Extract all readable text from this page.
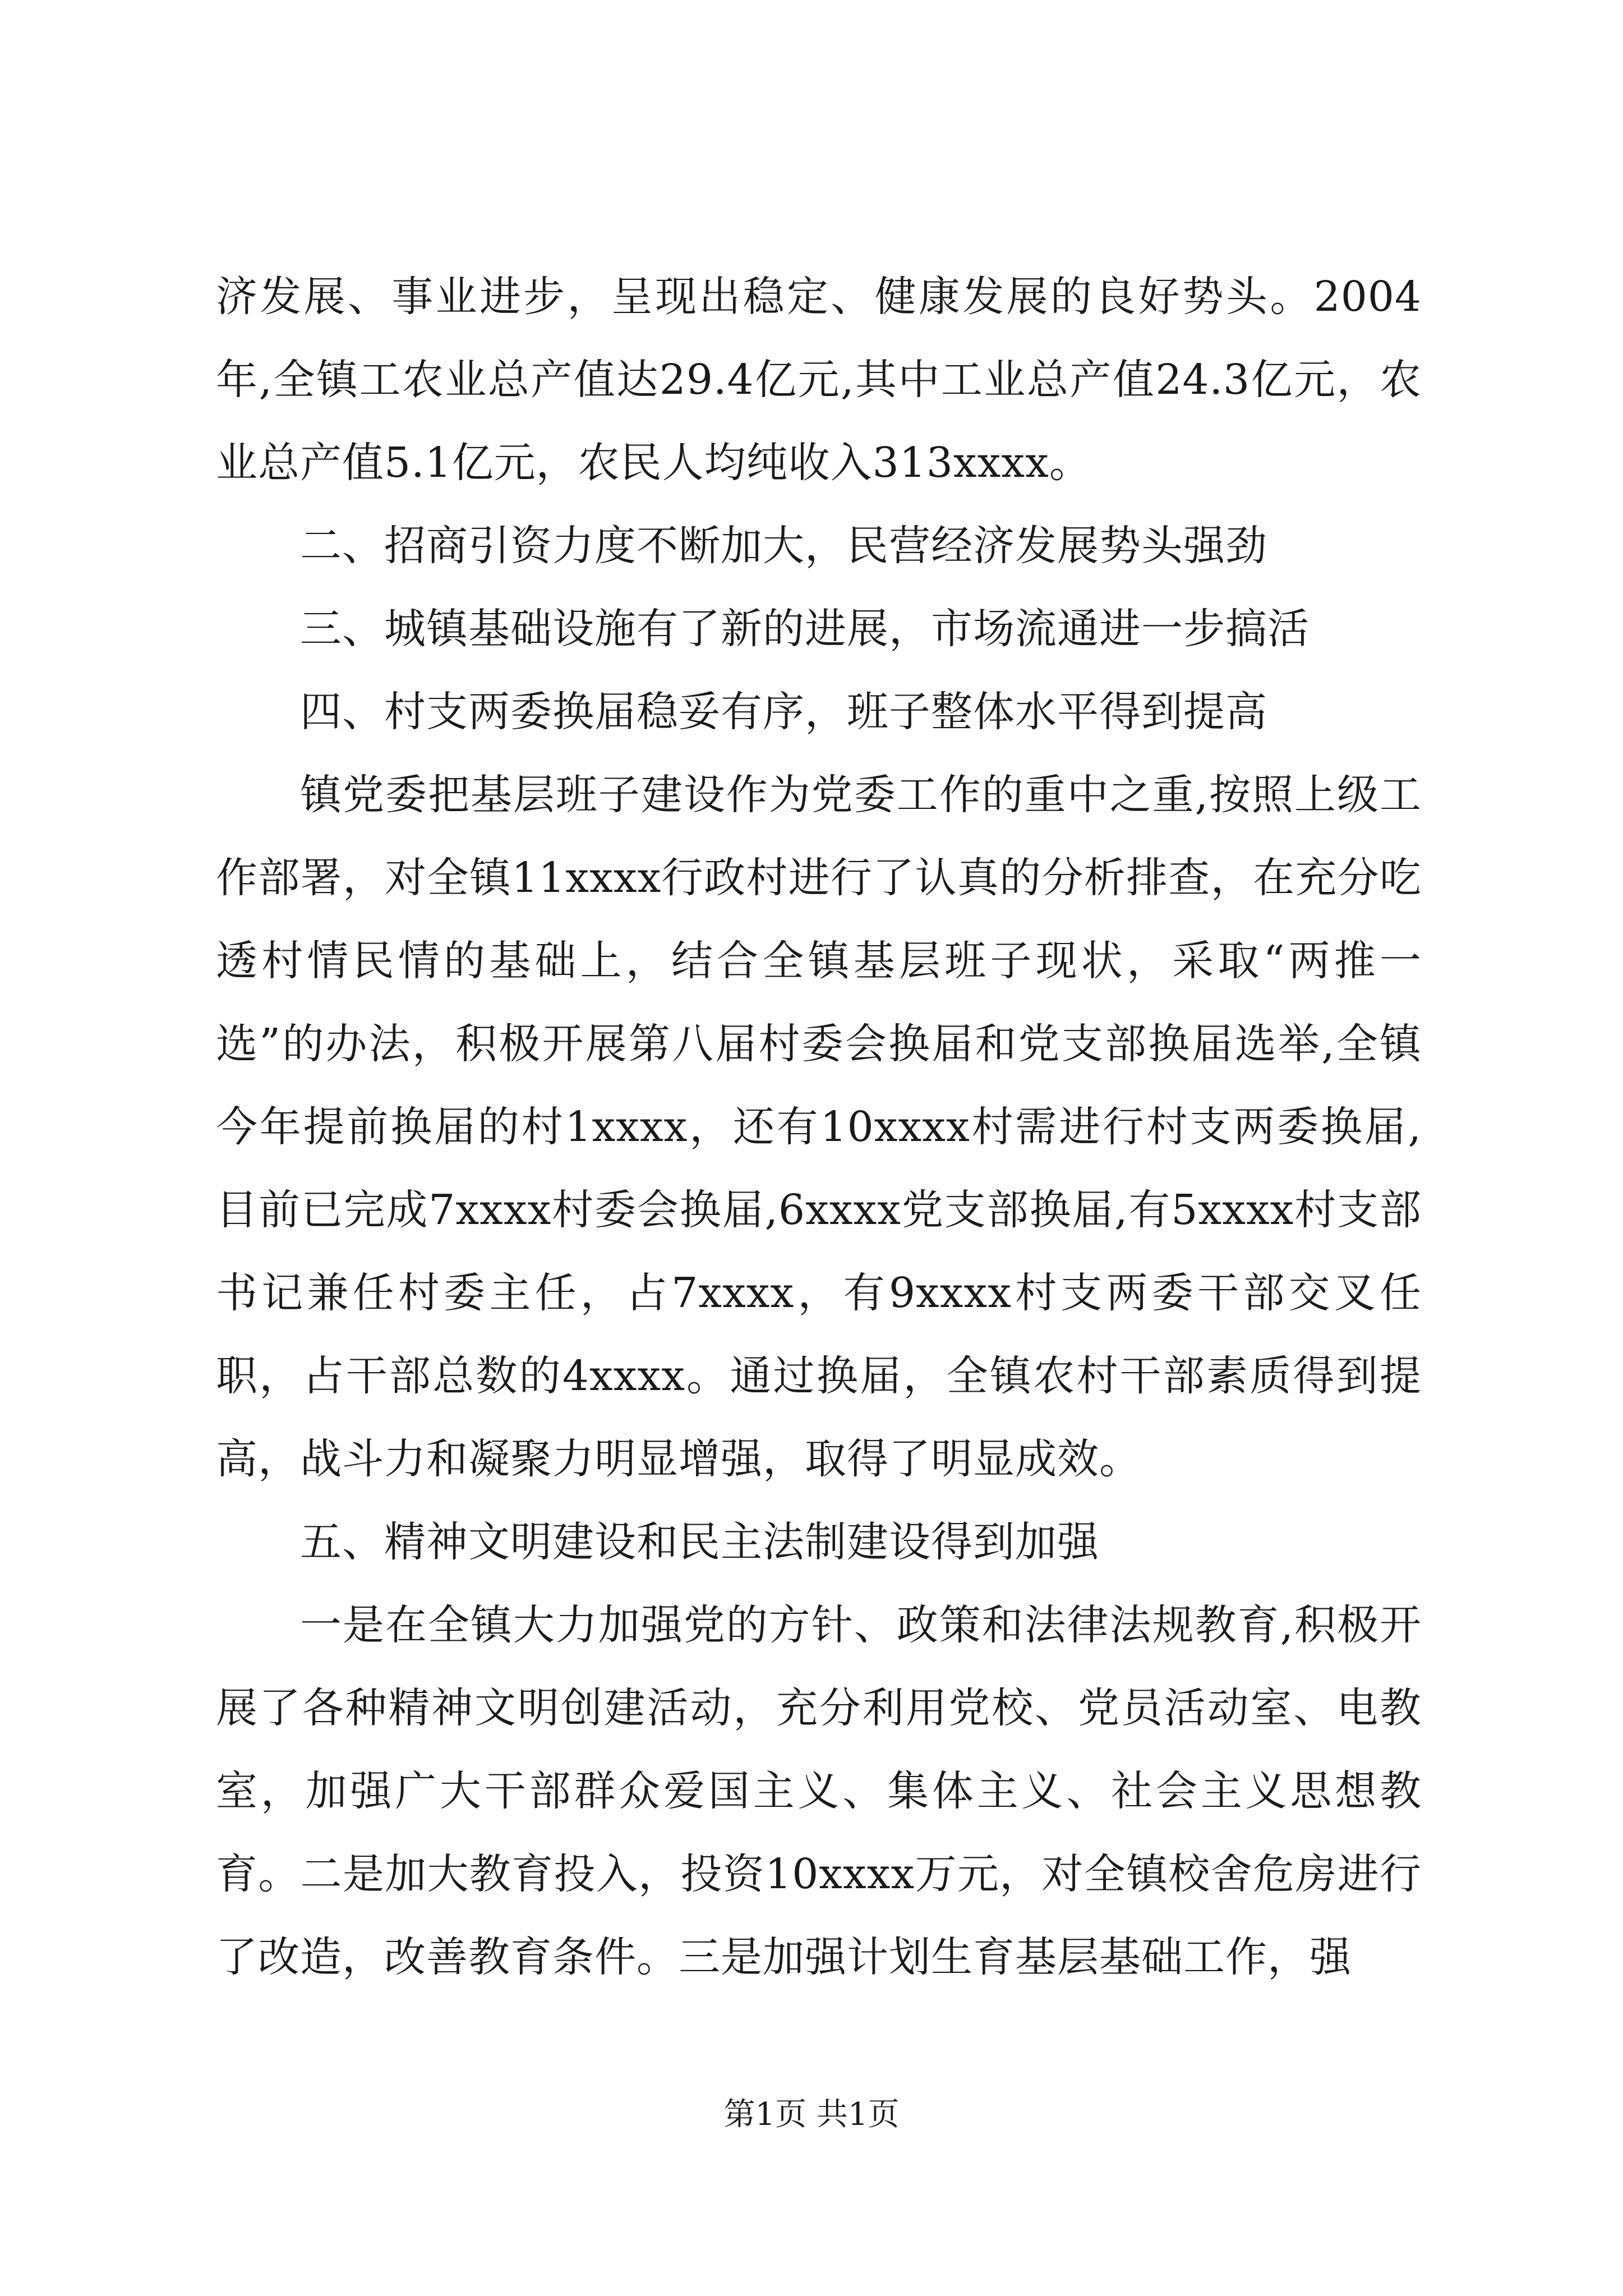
济发展、事业进步，呈现出稳定、健康发展的良好势头。2004年,全镇工农业总产值达29.4亿元,其中工业总产值24.3亿元，农业总产值5.1亿元，农民人均纯收入313xxxx。

二、招商引资力度不断加大，民营经济发展势头强劲

三、城镇基础设施有了新的进展，市场流通进一步搞活

四、村支两委换届稳妥有序，班子整体水平得到提高

镇党委把基层班子建设作为党委工作的重中之重,按照上级工作部署，对全镇11xxxx行政村进行了认真的分析排查，在充分吃透村情民情的基础上，结合全镇基层班子现状，采取“两推一选”的办法，积极开展第八届村委会换届和党支部换届选举,全镇今年提前换届的村1xxxx，还有10xxxx村需进行村支两委换届,目前已完成7xxxx村委会换届,6xxxx党支部换届,有5xxxx村支部书记兼任村委主任，占7xxxx，有9xxxx村支两委干部交叉任职，占干部总数的4xxxx。通过换届，全镇农村干部素质得到提高，战斗力和凝聚力明显增强，取得了明显成效。

五、精神文明建设和民主法制建设得到加强

一是在全镇大力加强党的方针、政策和法律法规教育,积极开展了各种精神文明创建活动，充分利用党校、党员活动室、电教室，加强广大干部群众爱国主义、集体主义、社会主义思想教育。二是加大教育投入，投资10xxxx万元，对全镇校舍危房进行了改造，改善教育条件。三是加强计划生育基层基础工作，强

第1页 共1页
